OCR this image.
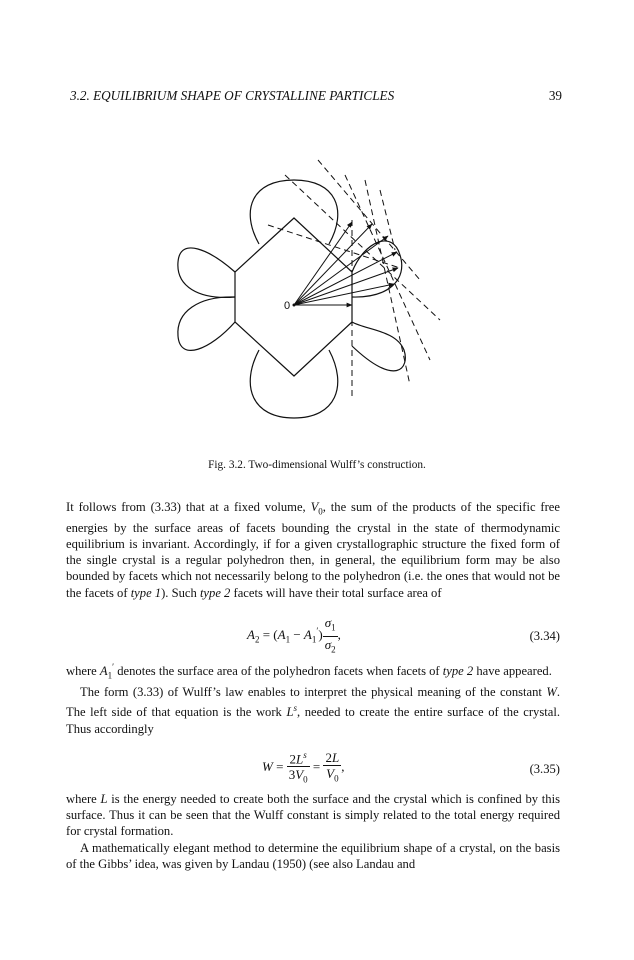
3.2. EQUILIBRIUM SHAPE OF CRYSTALLINE PARTICLES	39
0
Fig. 3.2. Two-dimensional Wulff’s construction.

It follows from (3.33) that at a fixed volume, $V_0$, the sum of the products of the specific free energies by the surface areas of facets bounding the crystal in the state of thermodynamic equilibrium is invariant. Accordingly, if for a given crystallographic structure the fixed form of the single crystal is a regular polyhedron then, in general, the equilibrium form may be also bounded by facets which not necessarily belong to the polyhedron (i.e. the ones that would not be the facets of type 1). Such type 2 facets will have their total surface area of

$A_2 = (A_1 - A_1') \frac{\sigma_1}{\sigma_2}$ ,	(3.34)

where $A_1'$ denotes the surface area of the polyhedron facets when facets of type 2 have appeared.

The form (3.33) of Wulff’s law enables to interpret the physical meaning of the constant W. The left side of that equation is the work $L^s$, needed to create the entire surface of the crystal. Thus accordingly

$W = \frac{2L^s}{3V_0} = \frac{2L}{V_0}$ ,	(3.35)

where L is the energy needed to create both the surface and the crystal which is confined by this surface. Thus it can be seen that the Wulff constant is simply related to the total energy required for crystal formation.

A mathematically elegant method to determine the equilibrium shape of a crystal, on the basis of the Gibbs’ idea, was given by Landau (1950) (see also Landau and
